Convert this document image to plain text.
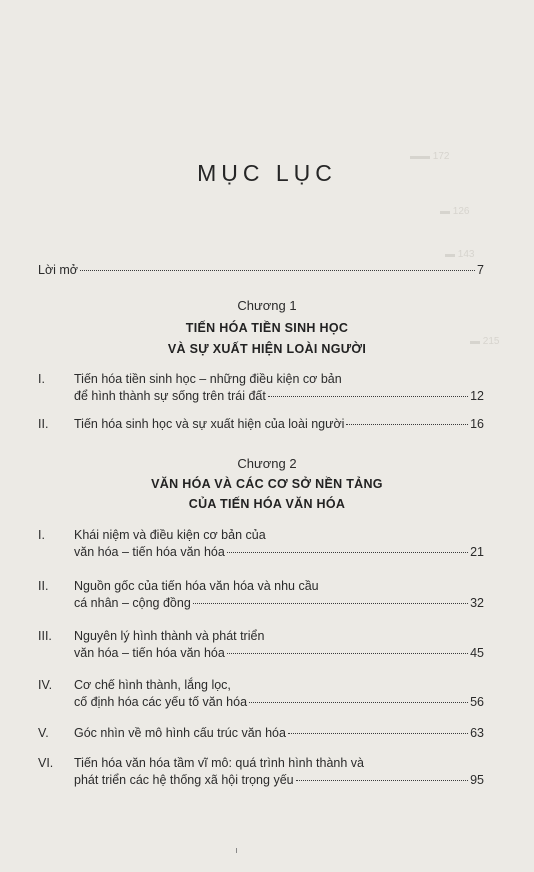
▬▬ 172
▬ 126
▬ 143
▬ 215
MỤC LỤC
Lời mở	7
Chương 1
TIẾN HÓA TIỀN SINH HỌC
VÀ SỰ XUẤT HIỆN LOÀI NGƯỜI
I. Tiến hóa tiền sinh học – những điều kiện cơ bản
để hình thành sự sống trên trái đất	12
II. Tiến hóa sinh học và sự xuất hiện của loài người	16
Chương 2
VĂN HÓA VÀ CÁC CƠ SỞ NỀN TẢNG
CỦA TIẾN HÓA VĂN HÓA
I. Khái niệm và điều kiện cơ bản của
văn hóa – tiến hóa văn hóa	21
II. Nguồn gốc của tiến hóa văn hóa và nhu cầu
cá nhân – cộng đồng	32
III. Nguyên lý hình thành và phát triển
văn hóa – tiến hóa văn hóa	45
IV. Cơ chế hình thành, lắng lọc,
cố định hóa các yếu tố văn hóa	56
V. Góc nhìn về mô hình cấu trúc văn hóa	63
VI. Tiến hóa văn hóa tầm vĩ mô: quá trình hình thành và
phát triển các hệ thống xã hội trọng yếu	95
